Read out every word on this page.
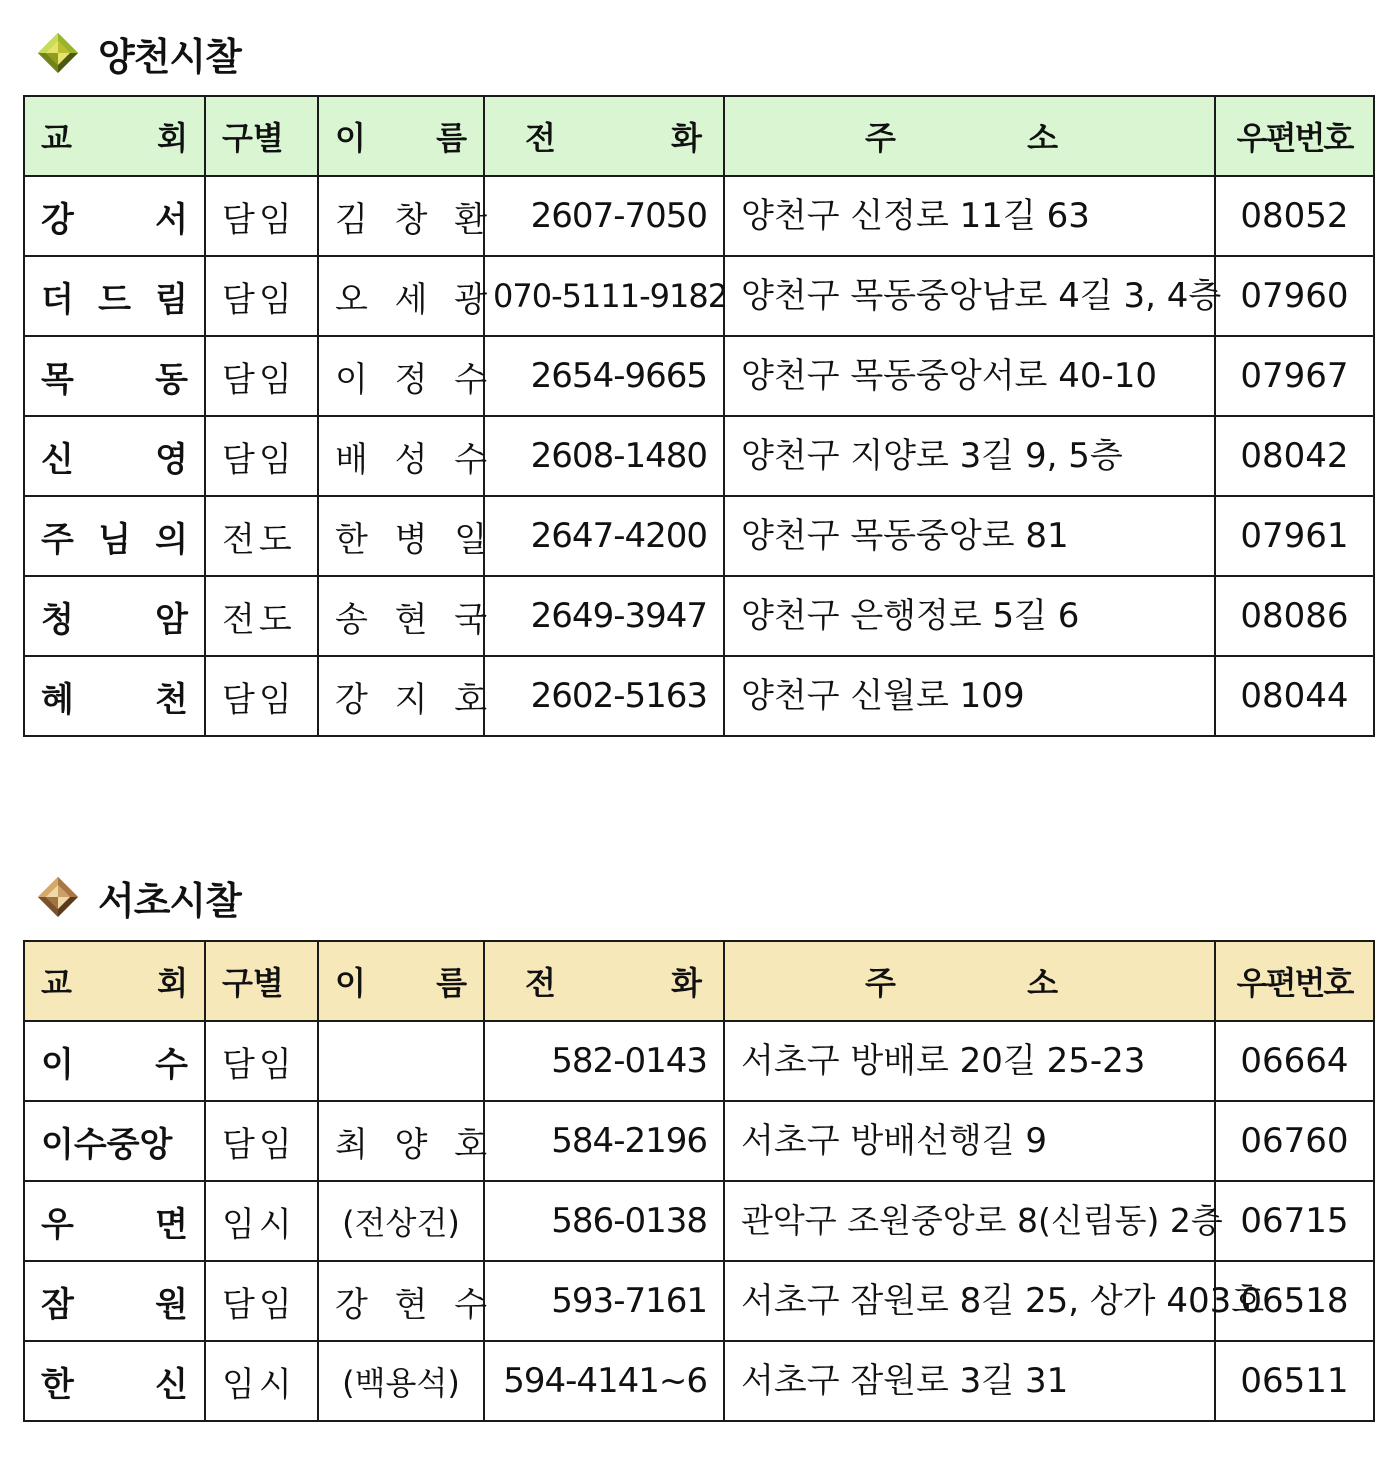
양천시찰
교 회	구별	이 름	전 화	주 소	우편번호
강 서	담임	김 창 환	2607-7050	양천구 신정로 11길 63	08052
더 드 림	담임	오 세 광	070-5111-9182	양천구 목동중앙남로 4길 3, 4층	07960
목 동	담임	이 정 수	2654-9665	양천구 목동중앙서로 40-10	07967
신 영	담임	배 성 수	2608-1480	양천구 지양로 3길 9, 5층	08042
주 님 의	전도	한 병 일	2647-4200	양천구 목동중앙로 81	07961
청 암	전도	송 현 국	2649-3947	양천구 은행정로 5길 6	08086
혜 천	담임	강 지 호	2602-5163	양천구 신월로 109	08044
서초시찰
교 회	구별	이 름	전 화	주 소	우편번호
이 수	담임		582-0143	서초구 방배로 20길 25-23	06664
이수중앙	담임	최 양 호	584-2196	서초구 방배선행길 9	06760
우 면	임시	(전상건)	586-0138	관악구 조원중앙로 8(신림동) 2층	06715
잠 원	담임	강 현 수	593-7161	서초구 잠원로 8길 25, 상가 403호	06518
한 신	임시	(백용석)	594-4141~6	서초구 잠원로 3길 31	06511
